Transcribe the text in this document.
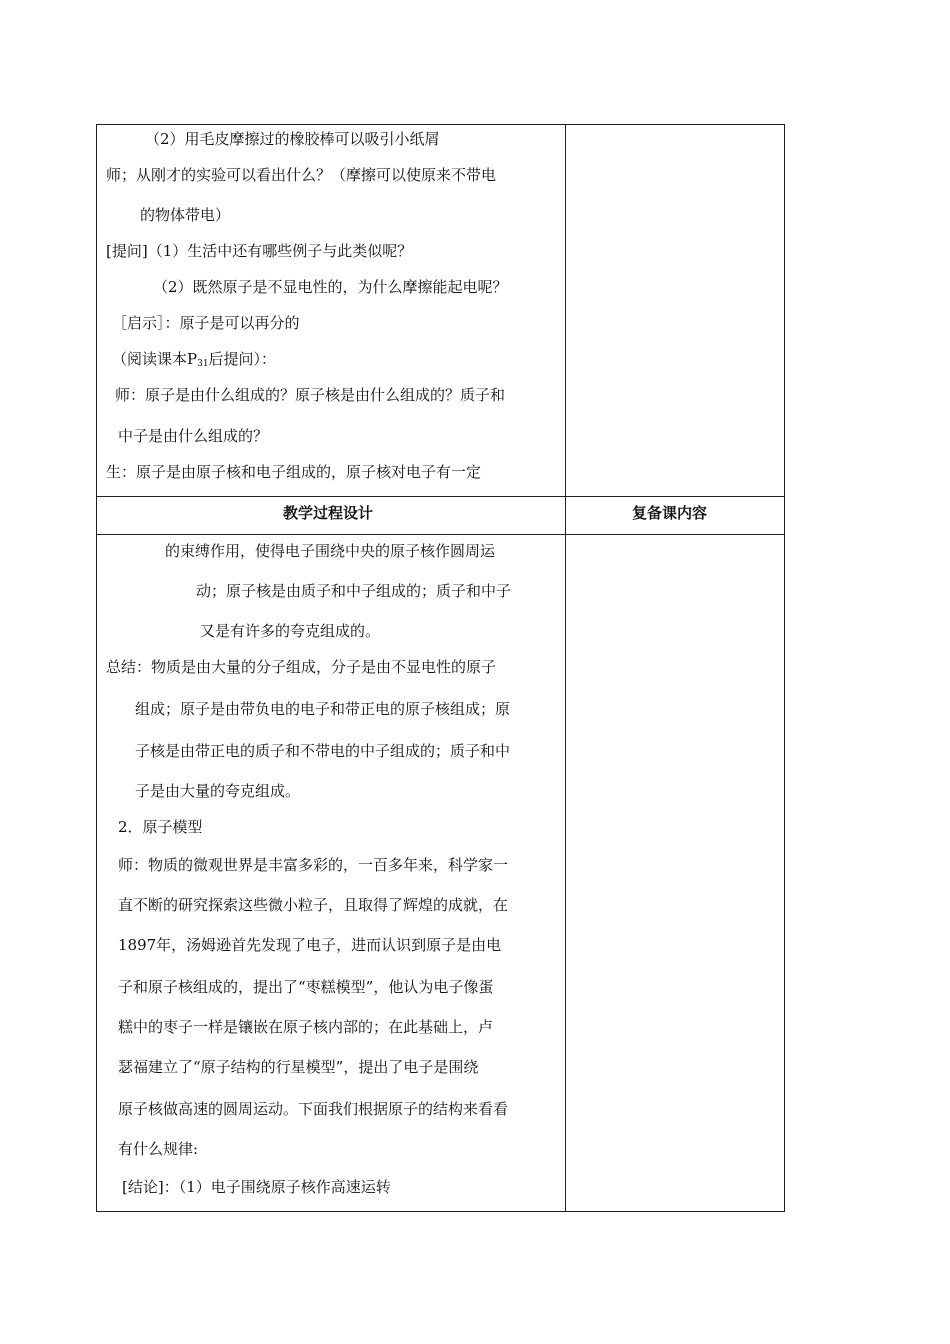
（2）用毛皮摩擦过的橡胶棒可以吸引小纸屑
师；从刚才的实验可以看出什么？（摩擦可以使原来不带电
的物体带电）
[提问]（1）生活中还有哪些例子与此类似呢？
（2）既然原子是不显电性的，为什么摩擦能起电呢？
［启示］：原子是可以再分的
（阅读课本$P_{31}$后提问）：
师：原子是由什么组成的？原子核是由什么组成的？质子和
中子是由什么组成的？
生：原子是由原子核和电子组成的，原子核对电子有一定
教学过程设计	复备课内容
的束缚作用，使得电子围绕中央的原子核作圆周运
动；原子核是由质子和中子组成的；质子和中子
又是有许多的夸克组成的。
总结：物质是由大量的分子组成，分子是由不显电性的原子
组成；原子是由带负电的电子和带正电的原子核组成；原
子核是由带正电的质子和不带电的中子组成的；质子和中
子是由大量的夸克组成。
2．原子模型
师：物质的微观世界是丰富多彩的，一百多年来，科学家一
直不断的研究探索这些微小粒子，且取得了辉煌的成就，在
1897年，汤姆逊首先发现了电子，进而认识到原子是由电
子和原子核组成的，提出了“枣糕模型”，他认为电子像蛋
糕中的枣子一样是镶嵌在原子核内部的；在此基础上，卢
瑟福建立了“原子结构的行星模型”，提出了电子是围绕
原子核做高速的圆周运动。下面我们根据原子的结构来看看
有什么规律:
[结论]：（1）电子围绕原子核作高速运转
